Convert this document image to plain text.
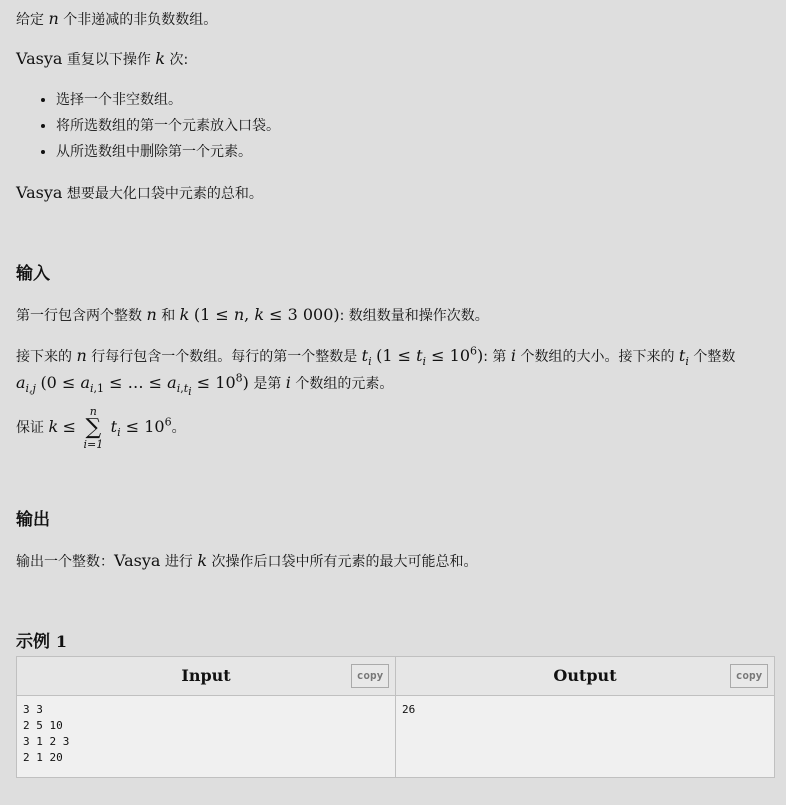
给定 n 个非递减的非负数数组。

Vasya 重复以下操作 k 次:

• 选择一个非空数组。
• 将所选数组的第一个元素放入口袋。
• 从所选数组中删除第一个元素。

Vasya 想要最大化口袋中元素的总和。

输入

第一行包含两个整数 n 和 k (1 ≤ n, k ≤ 3 000): 数组数量和操作次数。

接下来的 n 行每行包含一个数组。每行的第一个整数是 $t_i$ $(1 \le t_i \le 10^6)$: 第 i 个数组的大小。接下来的 $t_i$ 个整数
$a_{i,j}$ ($0 \le a_{i,1}$ ≤ … ≤ $a_{i,t_i} \le 10^8$) 是第 i 个数组的元素。

保证 k ≤
n
∑
i=1
$t_i \le 10^6$。

输出

输出一个整数：Vasya 进行 k 次操作后口袋中所有元素的最大可能总和。

示例 1
Input copy	Output copy

3 3
2 5 10
3 1 2 3
2 1 20	26
